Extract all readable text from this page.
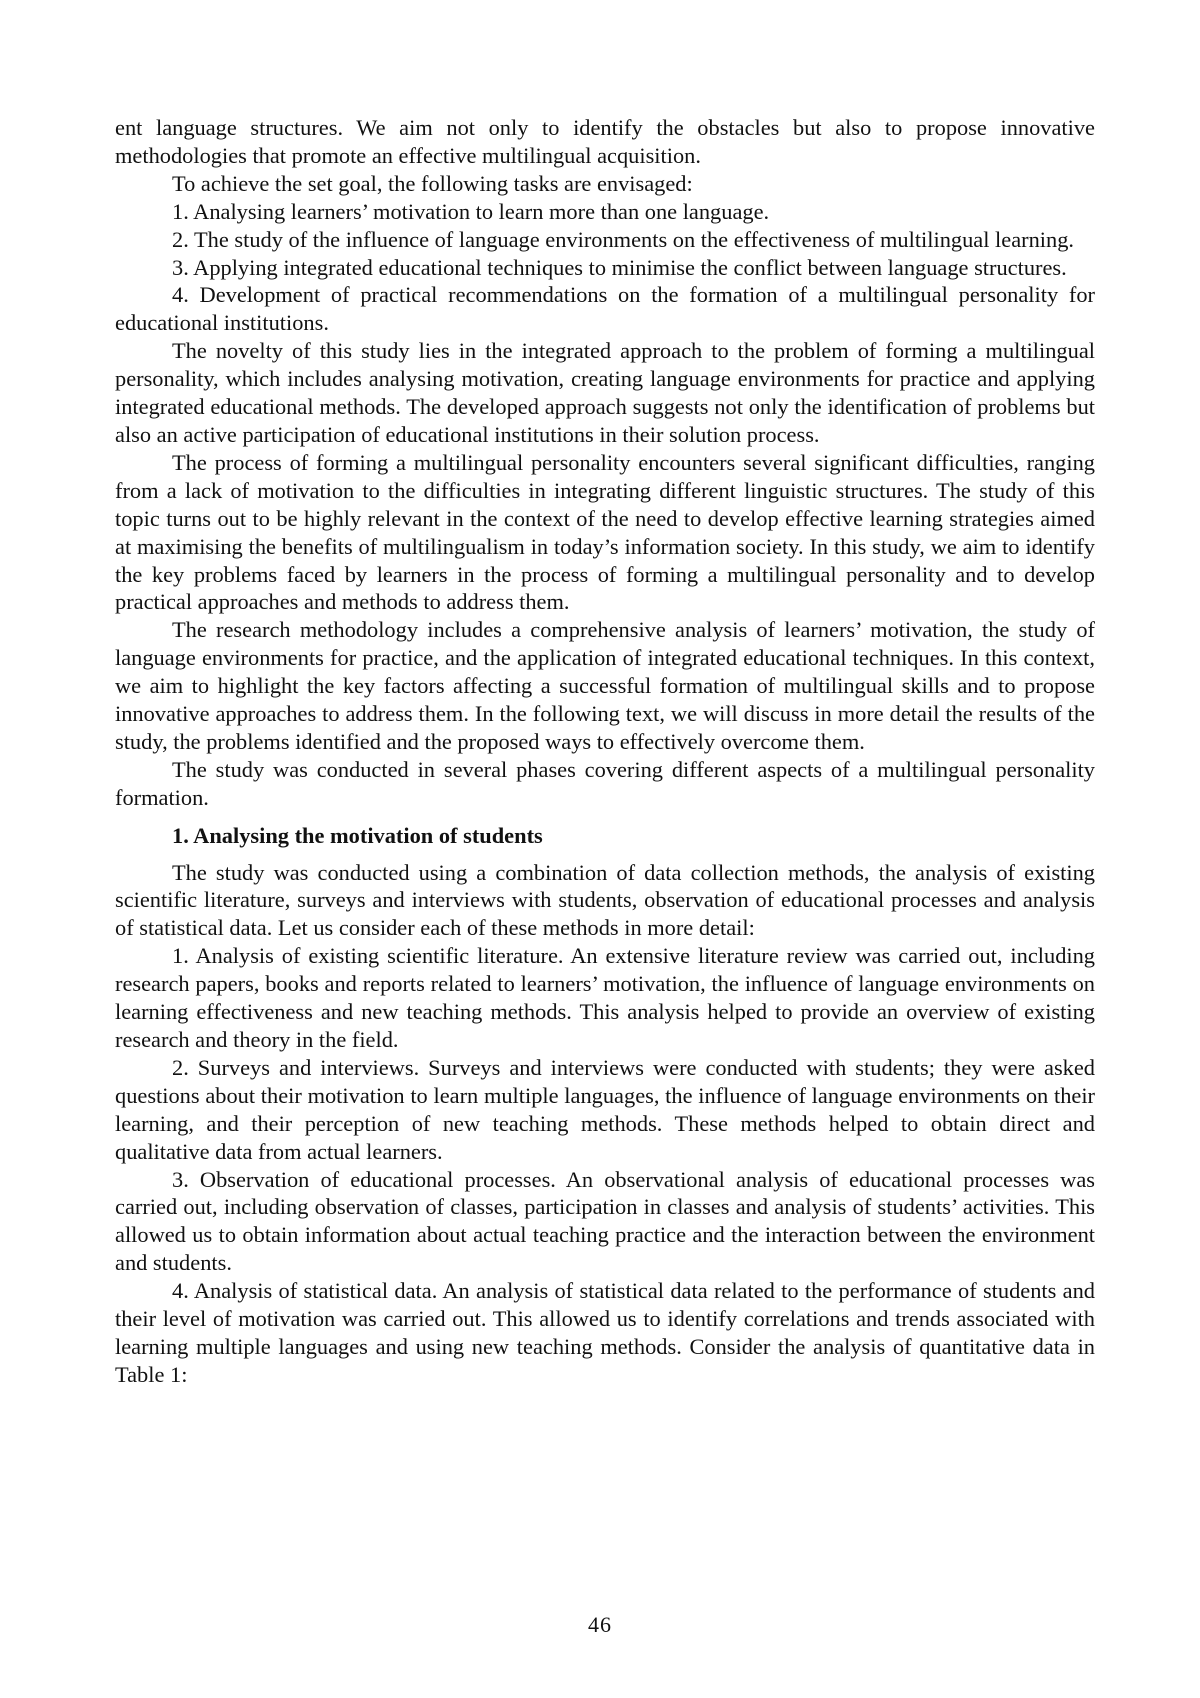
ent language structures. We aim not only to identify the obstacles but also to propose innovative methodologies that promote an effective multilingual acquisition.

To achieve the set goal, the following tasks are envisaged:

1. Analysing learners’ motivation to learn more than one language.

2. The study of the influence of language environments on the effectiveness of multilingual learning.

3. Applying integrated educational techniques to minimise the conflict between language structures.

4. Development of practical recommendations on the formation of a multilingual personality for educational institutions.

The novelty of this study lies in the integrated approach to the problem of forming a multilingual personality, which includes analysing motivation, creating language environments for practice and applying integrated educational methods. The developed approach suggests not only the identification of problems but also an active participation of educational institutions in their solution process.

The process of forming a multilingual personality encounters several significant difficulties, ranging from a lack of motivation to the difficulties in integrating different linguistic structures. The study of this topic turns out to be highly relevant in the context of the need to develop effective learning strategies aimed at maximising the benefits of multilingualism in today’s information society. In this study, we aim to identify the key problems faced by learners in the process of forming a multilingual personality and to develop practical approaches and methods to address them.

The research methodology includes a comprehensive analysis of learners’ motivation, the study of language environments for practice, and the application of integrated educational techniques. In this context, we aim to highlight the key factors affecting a successful formation of multilingual skills and to propose innovative approaches to address them. In the following text, we will discuss in more detail the results of the study, the problems identified and the proposed ways to effectively overcome them.

The study was conducted in several phases covering different aspects of a multilingual personality formation.

1. Analysing the motivation of students

The study was conducted using a combination of data collection methods, the analysis of existing scientific literature, surveys and interviews with students, observation of educational processes and analysis of statistical data. Let us consider each of these methods in more detail:

1. Analysis of existing scientific literature. An extensive literature review was carried out, including research papers, books and reports related to learners’ motivation, the influence of language environments on learning effectiveness and new teaching methods. This analysis helped to provide an overview of existing research and theory in the field.

2. Surveys and interviews. Surveys and interviews were conducted with students; they were asked questions about their motivation to learn multiple languages, the influence of language environments on their learning, and their perception of new teaching methods. These methods helped to obtain direct and qualitative data from actual learners.

3. Observation of educational processes. An observational analysis of educational processes was carried out, including observation of classes, participation in classes and analysis of students’ activities. This allowed us to obtain information about actual teaching practice and the interaction between the environment and students.

4. Analysis of statistical data. An analysis of statistical data related to the performance of students and their level of motivation was carried out. This allowed us to identify correlations and trends associated with learning multiple languages and using new teaching methods. Consider the analysis of quantitative data in Table 1:

46
